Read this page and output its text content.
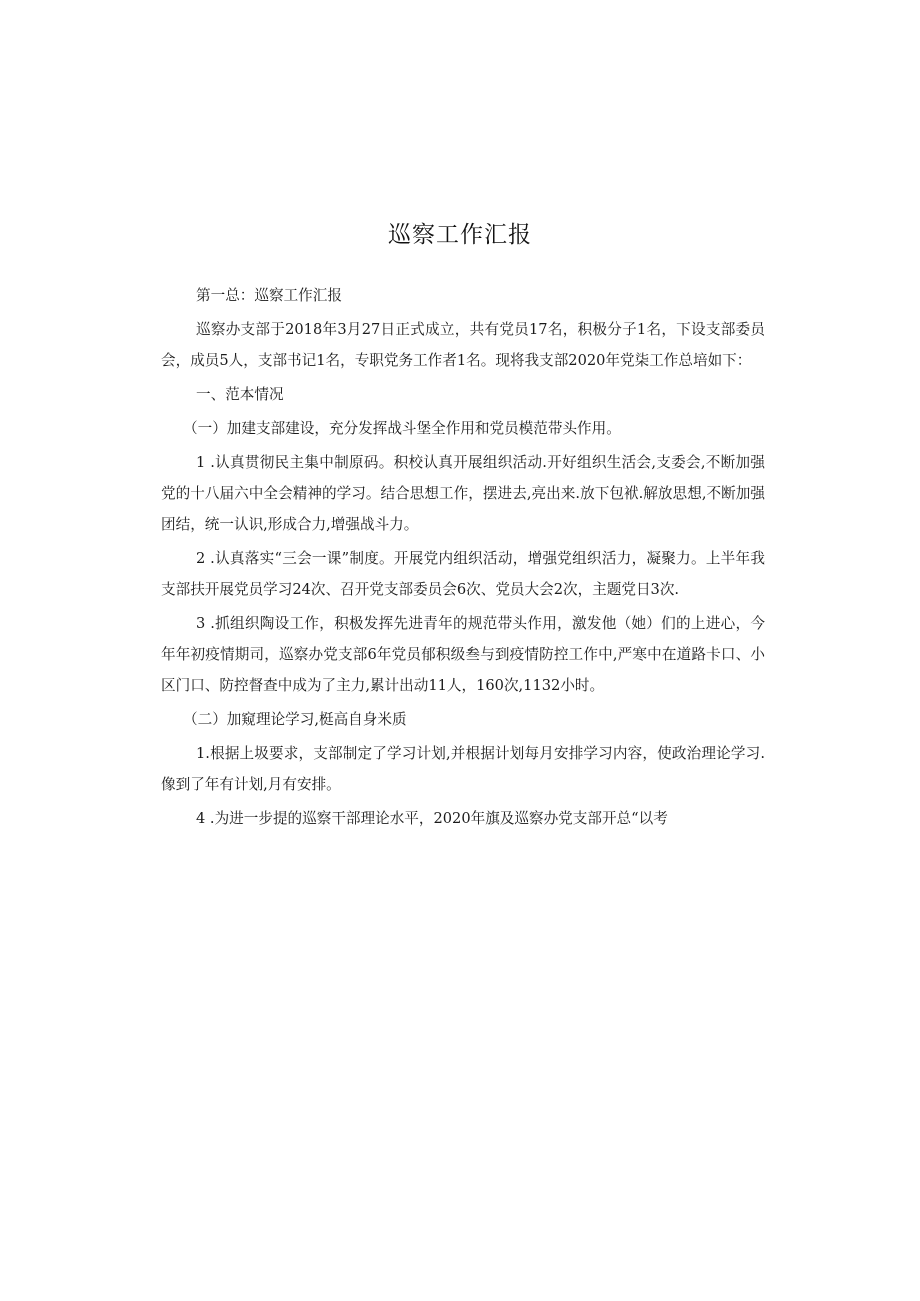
巡察工作汇报

第一总：巡察工作汇报

巡察办支部于2018年3月27日正式成立，共有党员17名，积极分子1名，下设支部委员会，成员5人，支部书记1名，专职党务工作者1名。现将我支部2020年党柒工作总培如下：

一、范本情况

（一）加建支部建设，充分发挥战斗堡全作用和党员模范带头作用。

1 .认真贯彻民主集中制原码。积校认真开展组织活动.开好组织生活会,支委会,不断加强党的十八届六中全会精神的学习。结合思想工作，摆进去,亮出来.放下包袱.解放思想,不断加强团结，统一认识,形成合力,增强战斗力。

2 .认真落实“三会一课”制度。开展党内组织活动，增强党组织活力，凝聚力。上半年我支部扶开展党员学习24次、召开党支部委员会6次、党员大会2次，主题党日3次.

3 .抓组织陶设工作，积极发挥先进青年的规范带头作用，激发他（她）们的上进心，今年年初疫情期司，巡察办党支部6年党员郁积级叁与到疫情防控工作中,严寒中在道路卡口、小区门口、防控督查中成为了主力,累计出动11人，160次,1132小时。

（二）加窥理论学习,梃高自身米质

1.根据上圾要求，支部制定了学习计划,并根据计划每月安排学习内容，使政治理论学习.像到了年有计划,月有安排。

4 .为进一步提的巡察干部理论水平，2020年旗及巡察办党支部开总“以考
